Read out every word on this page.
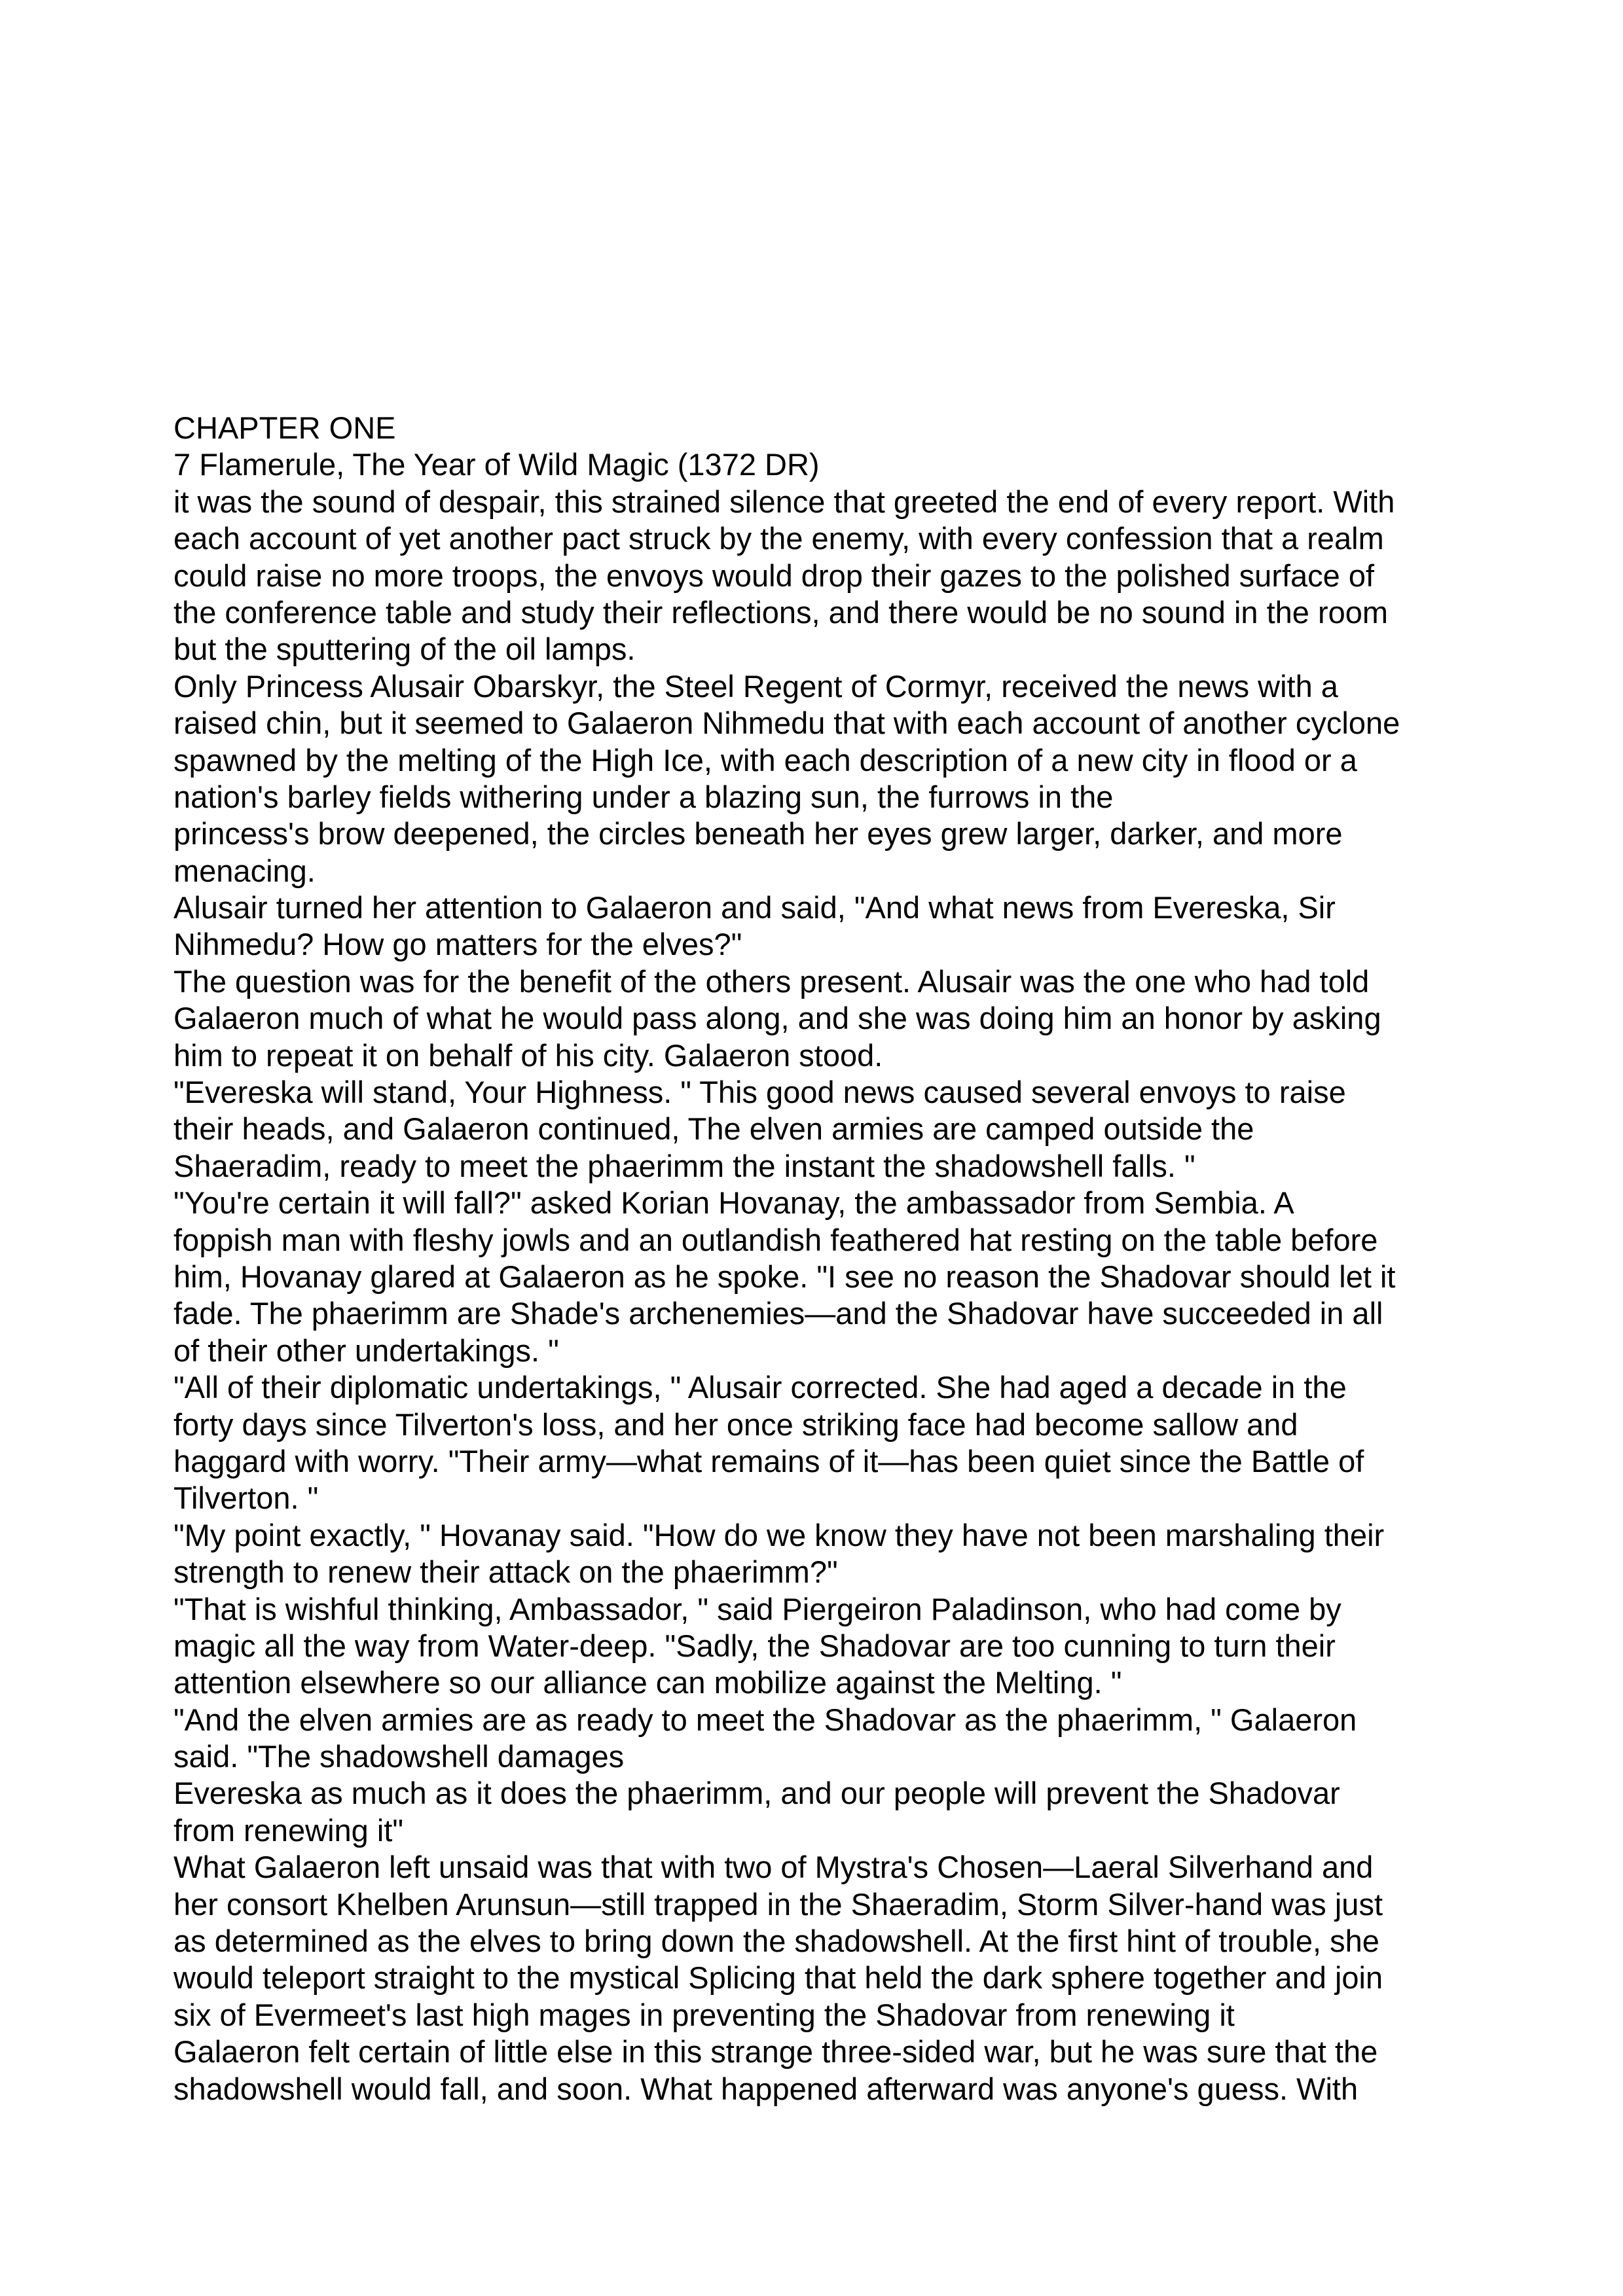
CHAPTER ONE
7 Flamerule, The Year of Wild Magic (1372 DR)
it was the sound of despair, this strained silence that greeted the end of every report. With
each account of yet another pact struck by the enemy, with every confession that a realm
could raise no more troops, the envoys would drop their gazes to the polished surface of
the conference table and study their reflections, and there would be no sound in the room
but the sputtering of the oil lamps.
Only Princess Alusair Obarskyr, the Steel Regent of Cormyr, received the news with a
raised chin, but it seemed to Galaeron Nihmedu that with each account of another cyclone
spawned by the melting of the High Ice, with each description of a new city in flood or a
nation's barley fields withering under a blazing sun, the furrows in the
princess's brow deepened, the circles beneath her eyes grew larger, darker, and more
menacing.
Alusair turned her attention to Galaeron and said, "And what news from Evereska, Sir
Nihmedu? How go matters for the elves?"
The question was for the benefit of the others present. Alusair was the one who had told
Galaeron much of what he would pass along, and she was doing him an honor by asking
him to repeat it on behalf of his city. Galaeron stood.
"Evereska will stand, Your Highness. " This good news caused several envoys to raise
their heads, and Galaeron continued, The elven armies are camped outside the
Shaeradim, ready to meet the phaerimm the instant the shadowshell falls. "
"You're certain it will fall?" asked Korian Hovanay, the ambassador from Sembia. A
foppish man with fleshy jowls and an outlandish feathered hat resting on the table before
him, Hovanay glared at Galaeron as he spoke. "I see no reason the Shadovar should let it
fade. The phaerimm are Shade's archenemies—and the Shadovar have succeeded in all
of their other undertakings. "
"All of their diplomatic undertakings, " Alusair corrected. She had aged a decade in the
forty days since Tilverton's loss, and her once striking face had become sallow and
haggard with worry. "Their army—what remains of it—has been quiet since the Battle of
Tilverton. "
"My point exactly, " Hovanay said. "How do we know they have not been marshaling their
strength to renew their attack on the phaerimm?"
"That is wishful thinking, Ambassador, " said Piergeiron Paladinson, who had come by
magic all the way from Water-deep. "Sadly, the Shadovar are too cunning to turn their
attention elsewhere so our alliance can mobilize against the Melting. "
"And the elven armies are as ready to meet the Shadovar as the phaerimm, " Galaeron
said. "The shadowshell damages
Evereska as much as it does the phaerimm, and our people will prevent the Shadovar
from renewing it"
What Galaeron left unsaid was that with two of Mystra's Chosen—Laeral Silverhand and
her consort Khelben Arunsun—still trapped in the Shaeradim, Storm Silver-hand was just
as determined as the elves to bring down the shadowshell. At the first hint of trouble, she
would teleport straight to the mystical Splicing that held the dark sphere together and join
six of Evermeet's last high mages in preventing the Shadovar from renewing it
Galaeron felt certain of little else in this strange three-sided war, but he was sure that the
shadowshell would fall, and soon. What happened afterward was anyone's guess. With
